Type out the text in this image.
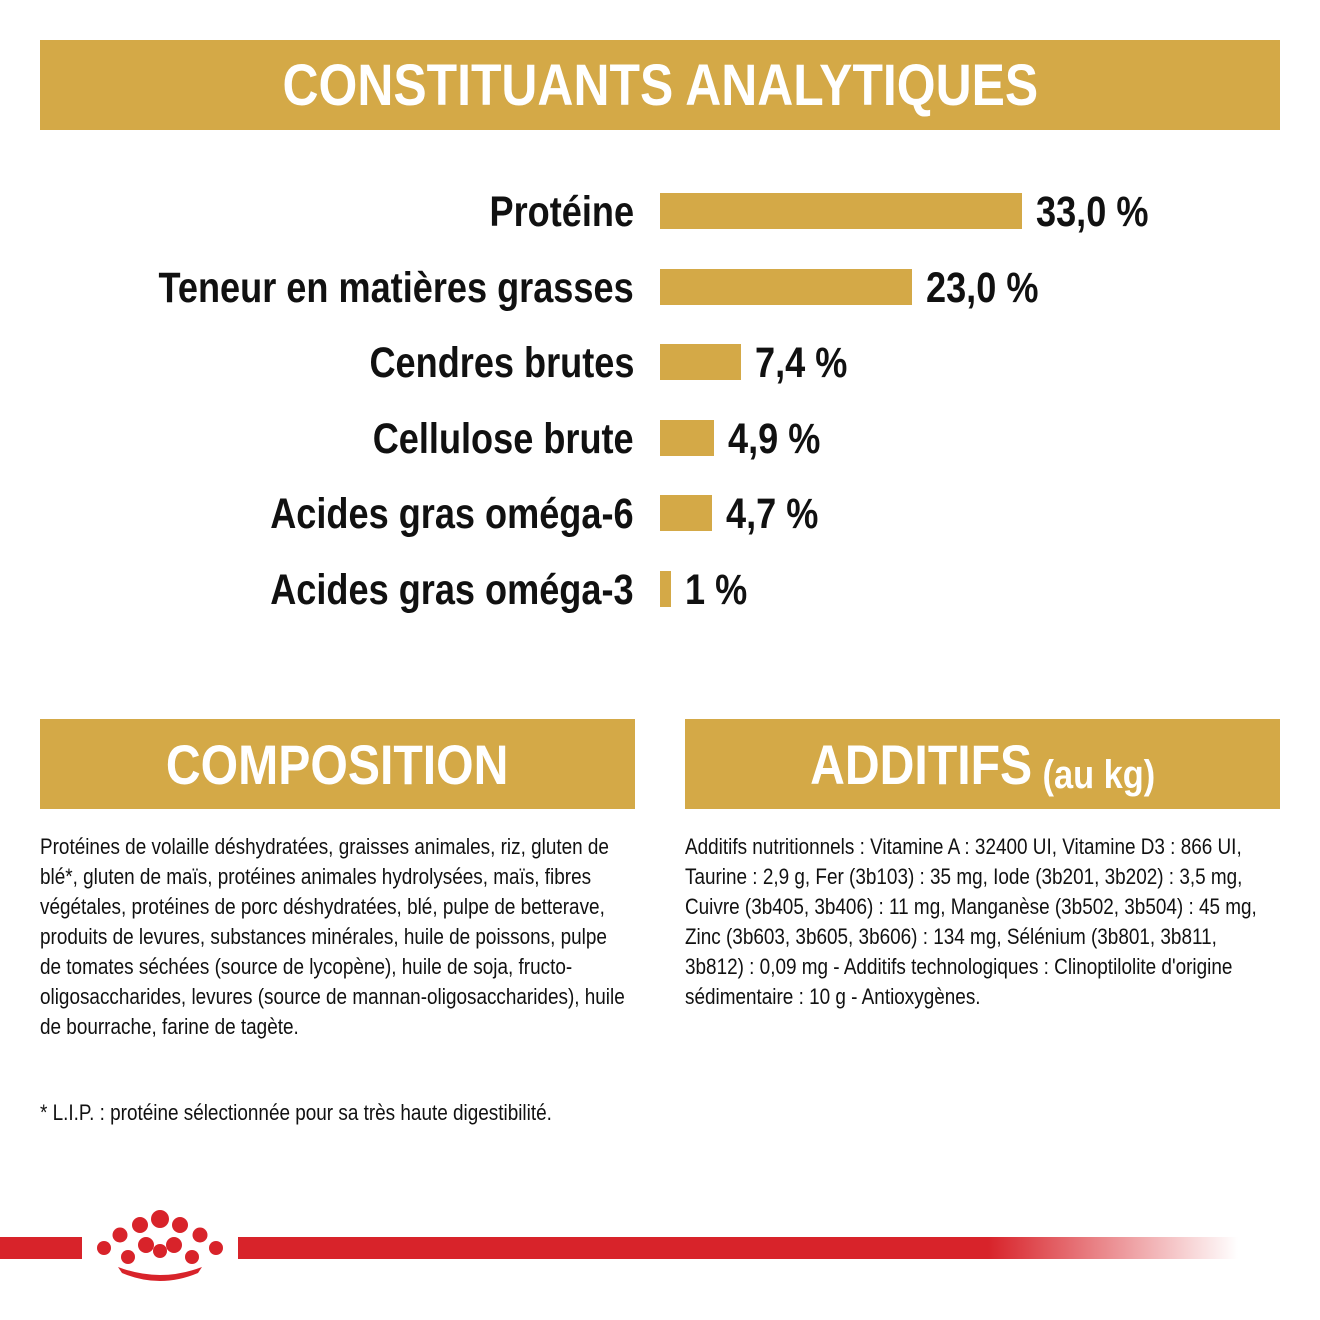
CONSTITUANTS ANALYTIQUES
Protéine	33,0 %
Teneur en matières grasses	23,0 %
Cendres brutes	7,4 %
Cellulose brute 4,9 %
Acides gras oméga-6 4,7 %
Acides gras oméga-3 1 %
COMPOSITION	ADDITIFS (au kg)
Protéines de volaille déshydratées, graisses animales, riz, gluten de blé*, gluten de maïs, protéines animales hydrolysées, maïs, fibres végétales, protéines de porc déshydratées, blé, pulpe de betterave, produits de levures, substances minérales, huile de poissons, pulpe de tomates séchées (source de lycopène), huile de soja, fructo-oligosaccharides, levures (source de mannan-oligosaccharides), huile de bourrache, farine de tagète.
* L.I.P. : protéine sélectionnée pour sa très haute digestibilité.
Additifs nutritionnels : Vitamine A : 32400 UI, Vitamine D3 : 866 UI, Taurine : 2,9 g, Fer (3b103) : 35 mg, Iode (3b201, 3b202) : 3,5 mg, Cuivre (3b405, 3b406) : 11 mg, Manganèse (3b502, 3b504) : 45 mg, Zinc (3b603, 3b605, 3b606) : 134 mg, Sélénium (3b801, 3b811, 3b812) : 0,09 mg - Additifs technologiques : Clinoptilolite d'origine sédimentaire : 10 g - Antioxygènes.
